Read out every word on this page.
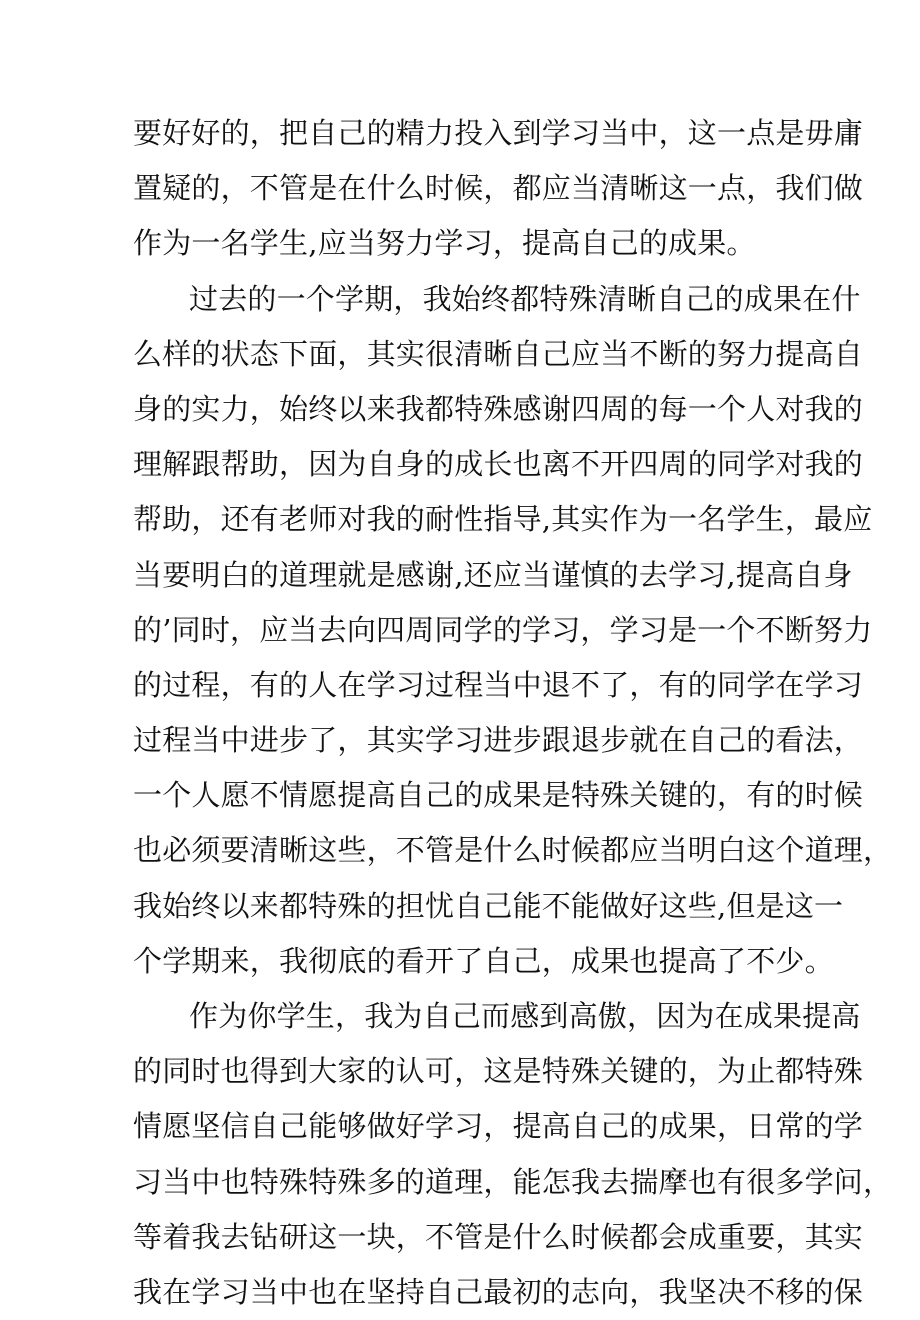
要好好的，把自己的精力投入到学习当中，这一点是毋庸
置疑的，不管是在什么时候，都应当清晰这一点，我们做
作为一名学生,应当努力学习，提高自己的成果。
过去的一个学期，我始终都特殊清晰自己的成果在什
么样的状态下面，其实很清晰自己应当不断的努力提高自
身的实力，始终以来我都特殊感谢四周的每一个人对我的
理解跟帮助，因为自身的成长也离不开四周的同学对我的
帮助，还有老师对我的耐性指导,其实作为一名学生，最应
当要明白的道理就是感谢,还应当谨慎的去学习,提高自身
的’同时，应当去向四周同学的学习，学习是一个不断努力
的过程，有的人在学习过程当中退不了，有的同学在学习
过程当中进步了，其实学习进步跟退步就在自己的看法，
一个人愿不情愿提高自己的成果是特殊关键的，有的时候
也必须要清晰这些，不管是什么时候都应当明白这个道理，
我始终以来都特殊的担忧自己能不能做好这些,但是这一
个学期来，我彻底的看开了自己，成果也提高了不少。
作为你学生，我为自己而感到高傲，因为在成果提高
的同时也得到大家的认可，这是特殊关键的，为止都特殊
情愿坚信自己能够做好学习，提高自己的成果，日常的学
习当中也特殊特殊多的道理，能怎我去揣摩也有很多学问，
等着我去钻研这一块，不管是什么时候都会成重要，其实
我在学习当中也在坚持自己最初的志向，我坚决不移的保
